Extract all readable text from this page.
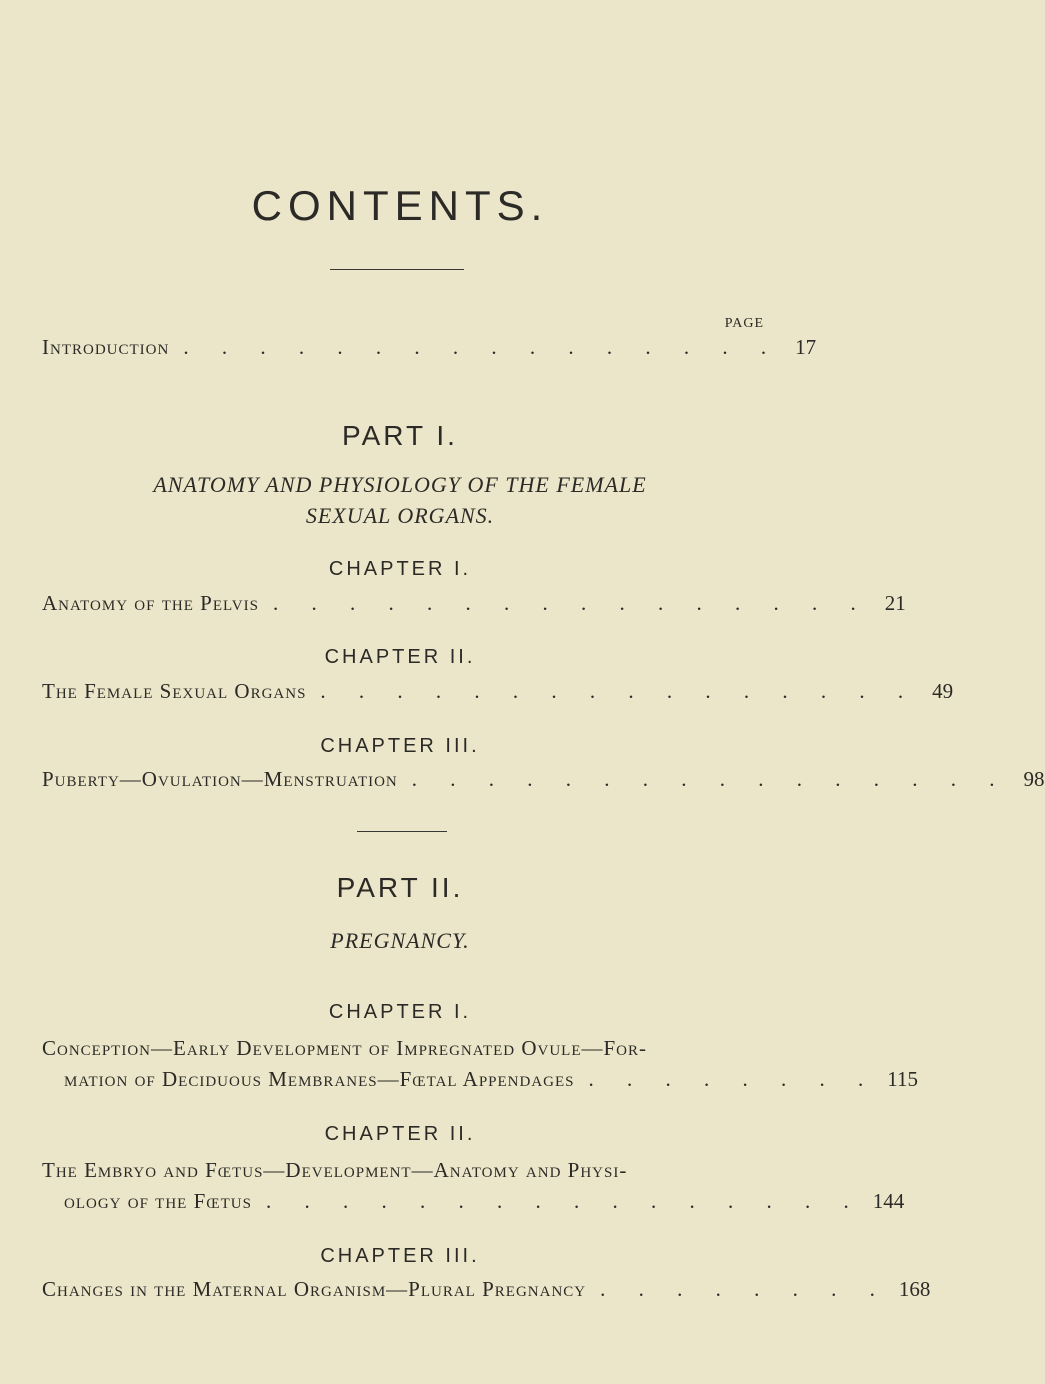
CONTENTS.
PAGE
Introduction . . . . . . . . . . . . . . . . 17
PART I.
ANATOMY AND PHYSIOLOGY OF THE FEMALE
SEXUAL ORGANS.
CHAPTER I.
Anatomy of the Pelvis . . . . . . . . . . . . . . . . 21
CHAPTER II.
The Female Sexual Organs . . . . . . . . . . . . . . . . 49
CHAPTER III.
Puberty—Ovulation—Menstruation . . . . . . . . . . . . . . . . 98
PART II.
PREGNANCY.
CHAPTER I.
Conception—Early Development of Impregnated Ovule—For-
mation of Deciduous Membranes—Fœtal Appendages . . . . . . . . 115
CHAPTER II.
The Embryo and Fœtus—Development—Anatomy and Physi-
ology of the Fœtus . . . . . . . . . . . . . . . . 144
CHAPTER III.
Changes in the Maternal Organism—Plural Pregnancy . . . . . . . . 168
